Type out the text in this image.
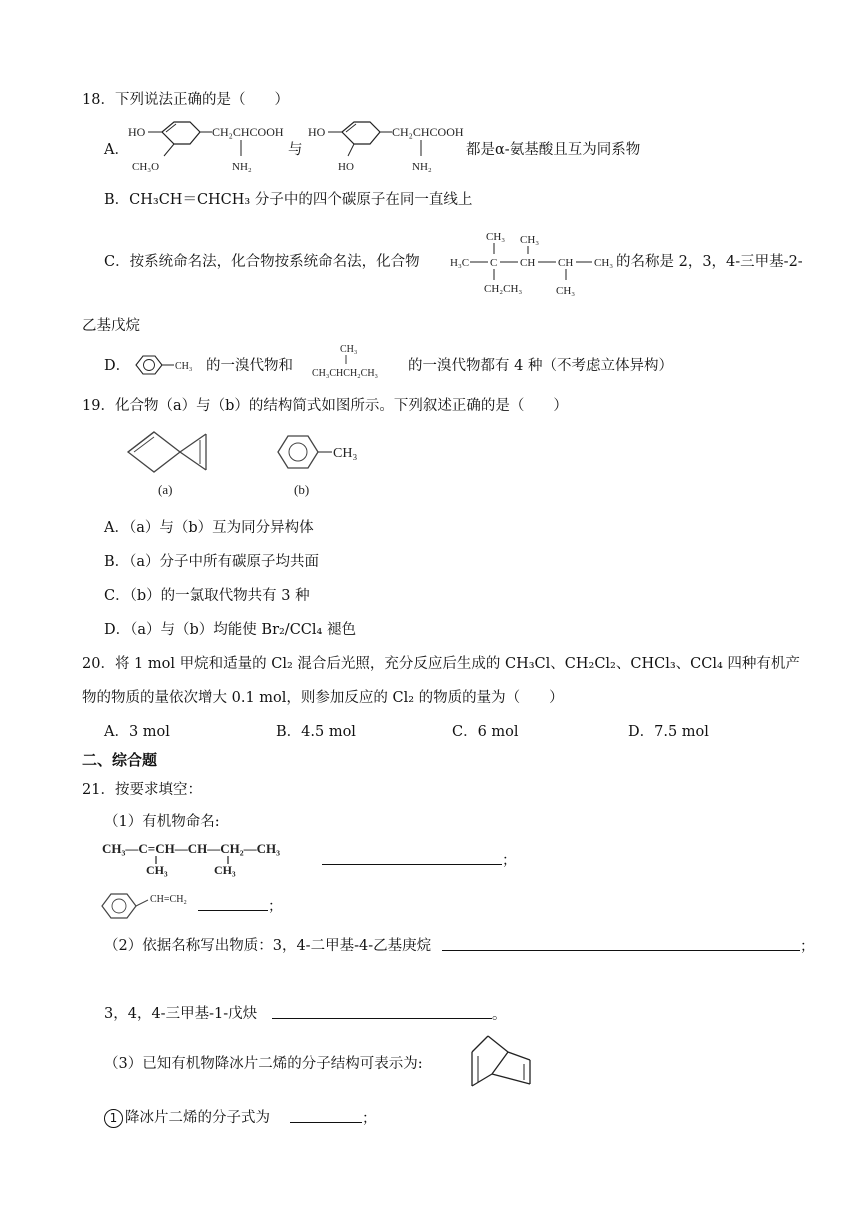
18．下列说法正确的是（　　）
A．
HO	CH₂CHCOOH
NH₂
CH₃O
与
HO	CH₂CHCOOH
NH₂
HO
都是α-氨基酸且互为同系物
B．CH₃CH＝CHCH₃ 分子中的四个碳原子在同一直线上
C．按系统命名法，化合物按系统命名法，化合物
CH₃ CH₃
H₃C C CH CH CH₃
CH₂CH₃	CH₃
的名称是 2，3，4-三甲基-2-
乙基戊烷
D．	CH₃ 的一溴代物和
CH₃
CH₃CHCH₂CH₃ 的一溴代物都有 4 种（不考虑立体异构）
19．化合物（a）与（b）的结构简式如图所示。下列叙述正确的是（　　）
(a)
CH₃
(b)
A．（a）与（b）互为同分异构体
B．（a）分子中所有碳原子均共面
C．（b）的一氯取代物共有 3 种
D．（a）与（b）均能使 Br₂/CCl₄ 褪色
20．将 1 mol 甲烷和适量的 Cl₂ 混合后光照，充分反应后生成的 CH₃Cl、CH₂Cl₂、CHCl₃、CCl₄ 四种有机产
物的物质的量依次增大 0.1 mol，则参加反应的 Cl₂ 的物质的量为（　　）
A．3 mol	B．4.5 mol	C．6 mol	D．7.5 mol
二、综合题
21．按要求填空：
（1）有机物命名:
CH₃—C=CH—CH—CH₂—CH₃
CH₃	CH₃
；
CH=CH₂	；
（2）依据名称写出物质：3，4-二甲基-4-乙基庚烷	；
3，4，4-三甲基-1-戊炔	。
（3）已知有机物降冰片二烯的分子结构可表示为:
1 降冰片二烯的分子式为	；
